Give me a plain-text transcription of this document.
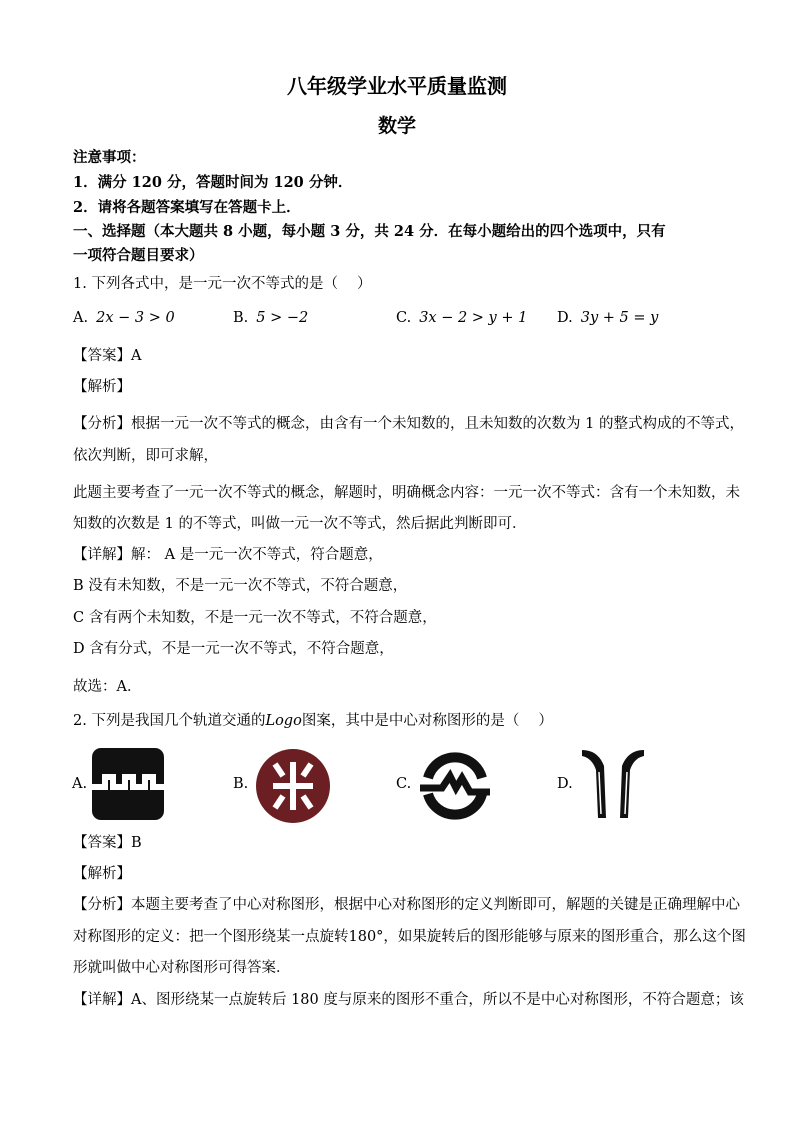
八年级学业水平质量监测
数学
注意事项：
1．满分 120 分，答题时间为 120 分钟．
2．请将各题答案填写在答题卡上．
一、选择题（本大题共 8 小题，每小题 3 分，共 24 分．在每小题给出的四个选项中，只有
一项符合题目要求）
1. 下列各式中，是一元一次不等式的是（　 ）
A. 2x − 3 > 0	B. 5 > −2	C. 3x − 2 > y + 1 D. 3y + 5 = y
【答案】A
【解析】
【分析】根据一元一次不等式的概念，由含有一个未知数的，且未知数的次数为 1 的整式构成的不等式，
依次判断，即可求解，
此题主要考查了一元一次不等式的概念，解题时，明确概念内容：一元一次不等式：含有一个未知数，未
知数的次数是 1 的不等式，叫做一元一次不等式，然后据此判断即可．
【详解】解： A 是一元一次不等式，符合题意，
B 没有未知数，不是一元一次不等式，不符合题意，
C 含有两个未知数，不是一元一次不等式，不符合题意，
D 含有分式，不是一元一次不等式，不符合题意，
故选：A．
2. 下列是我国几个轨道交通的Logo图案，其中是中心对称图形的是（　 ）
A.	B.	C.	D.
【答案】B
【解析】
【分析】本题主要考查了中心对称图形，根据中心对称图形的定义判断即可，解题的关键是正确理解中心
对称图形的定义：把一个图形绕某一点旋转180°，如果旋转后的图形能够与原来的图形重合，那么这个图
形就叫做中心对称图形可得答案．
【详解】A、图形绕某一点旋转后 180 度与原来的图形不重合，所以不是中心对称图形，不符合题意；该
